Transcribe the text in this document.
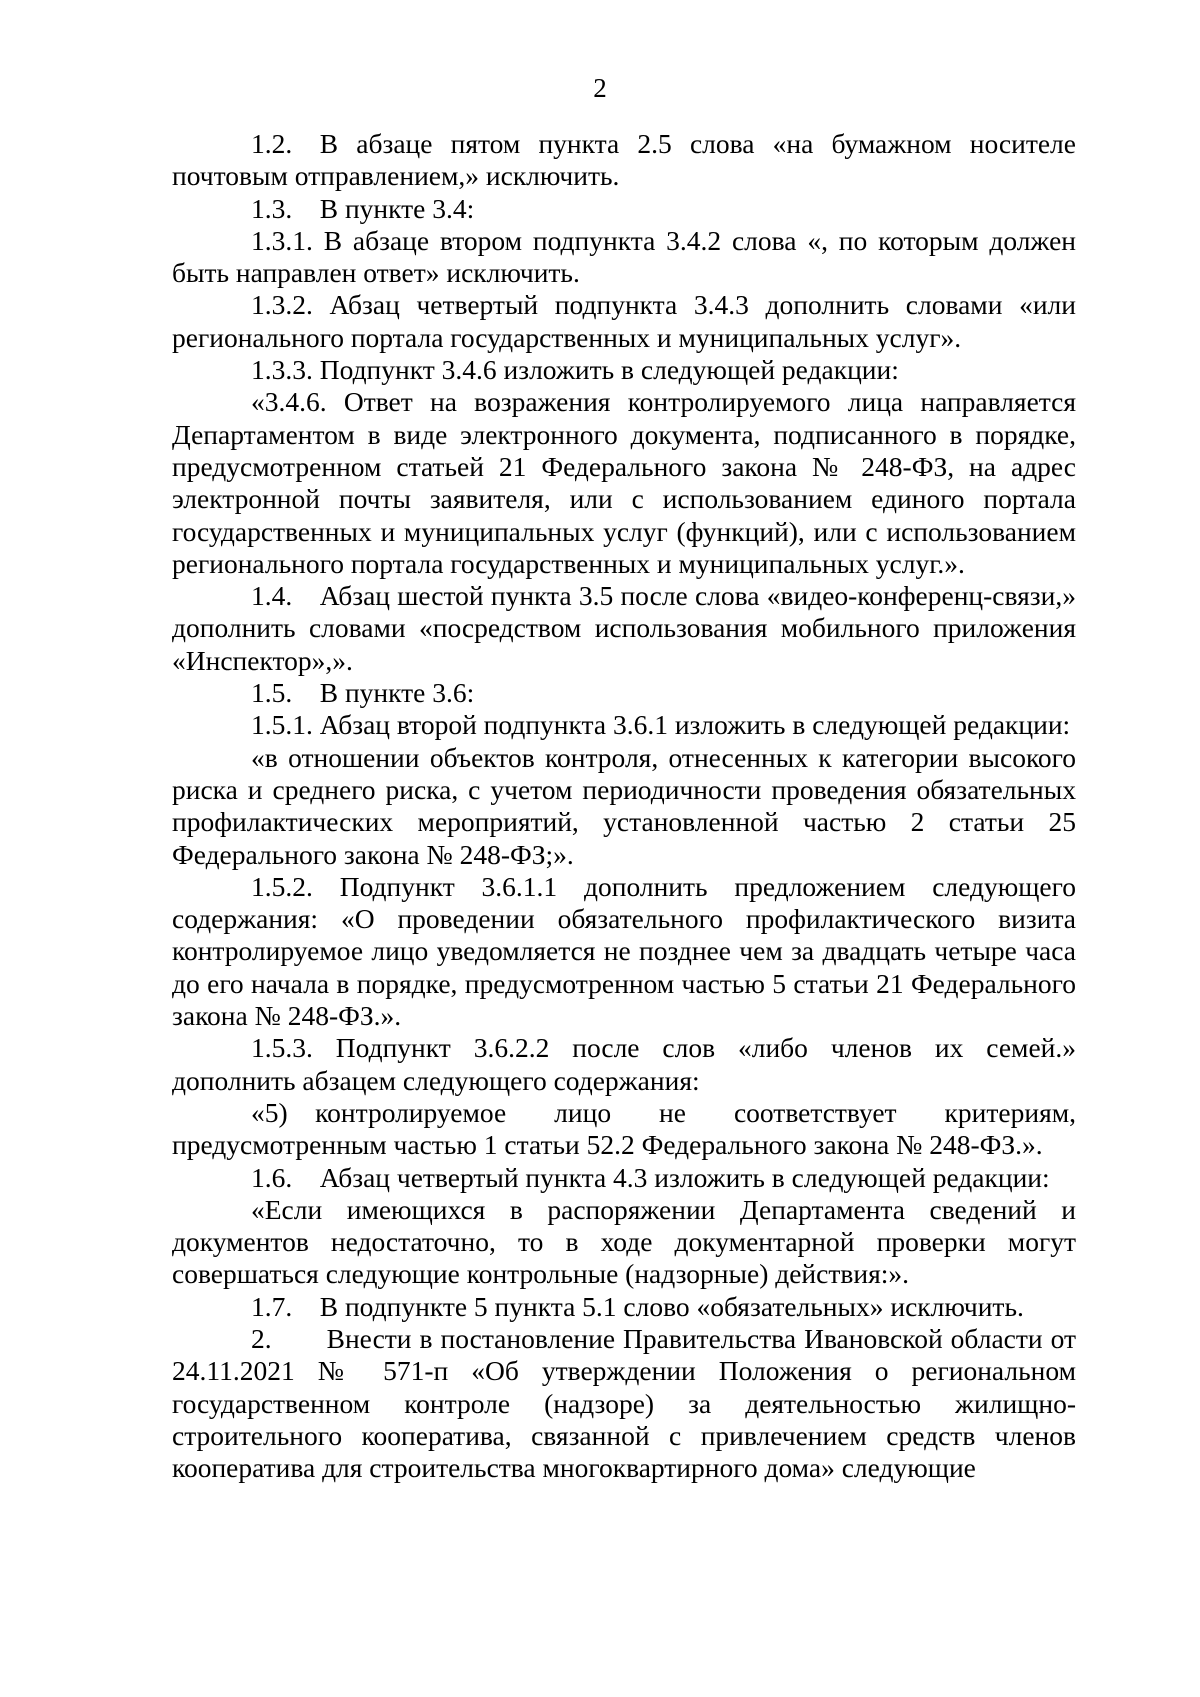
2

1.2. В абзаце пятом пункта 2.5 слова «на бумажном носителе почтовым отправлением,» исключить.

1.3. В пункте 3.4:

1.3.1. В абзаце втором подпункта 3.4.2 слова «, по которым должен быть направлен ответ» исключить.

1.3.2. Абзац четвертый подпункта 3.4.3 дополнить словами «или регионального портала государственных и муниципальных услуг».

1.3.3. Подпункт 3.4.6 изложить в следующей редакции:

«3.4.6. Ответ на возражения контролируемого лица направляется Департаментом в виде электронного документа, подписанного в порядке, предусмотренном статьей 21 Федерального закона № 248-ФЗ, на адрес электронной почты заявителя, или с использованием единого портала государственных и муниципальных услуг (функций), или с использованием регионального портала государственных и муниципальных услуг.».

1.4. Абзац шестой пункта 3.5 после слова «видео-конференц-связи,» дополнить словами «посредством использования мобильного приложения «Инспектор»,».

1.5. В пункте 3.6:

1.5.1. Абзац второй подпункта 3.6.1 изложить в следующей редакции:

«в отношении объектов контроля, отнесенных к категории высокого риска и среднего риска, с учетом периодичности проведения обязательных профилактических мероприятий, установленной частью 2 статьи 25 Федерального закона № 248-ФЗ;».

1.5.2. Подпункт 3.6.1.1 дополнить предложением следующего содержания: «О проведении обязательного профилактического визита контролируемое лицо уведомляется не позднее чем за двадцать четыре часа до его начала в порядке, предусмотренном частью 5 статьи 21 Федерального закона № 248-ФЗ.».

1.5.3. Подпункт 3.6.2.2 после слов «либо членов их семей.» дополнить абзацем следующего содержания:

«5) контролируемое лицо не соответствует критериям, предусмотренным частью 1 статьи 52.2 Федерального закона № 248-ФЗ.».

1.6. Абзац четвертый пункта 4.3 изложить в следующей редакции:

«Если имеющихся в распоряжении Департамента сведений и документов недостаточно, то в ходе документарной проверки могут совершаться следующие контрольные (надзорные) действия:».

1.7. В подпункте 5 пункта 5.1 слово «обязательных» исключить.

2.  Внести в постановление Правительства Ивановской области от 24.11.2021 № 571-п «Об утверждении Положения о региональном государственном контроле (надзоре) за деятельностью жилищно-строительного кооператива, связанной с привлечением средств членов кооператива для строительства многоквартирного дома» следующие
